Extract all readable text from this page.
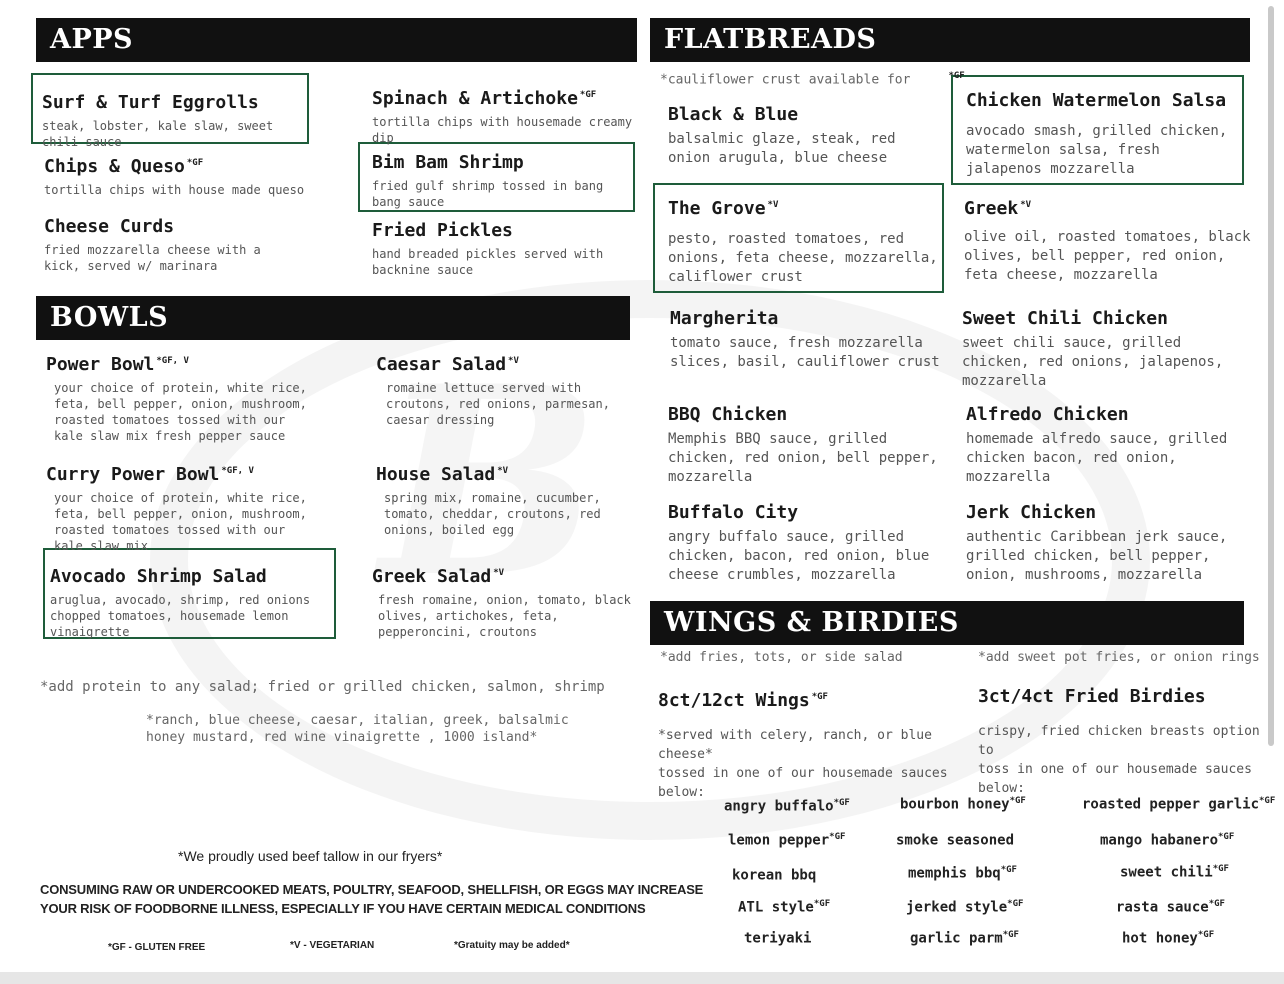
APPS
BOWLS
FLATBREADS
WINGS & BIRDIES
Surf & Turf Eggrolls
steak, lobster, kale slaw, sweet chili sauce
Chips & Queso $^{*GF}$
tortilla chips with house made queso
Cheese Curds
fried mozzarella cheese with a kick, served w/ marinara
Spinach & Artichoke $^{*GF}$
tortilla chips with housemade creamy dip
Bim Bam Shrimp
fried gulf shrimp tossed in bang bang sauce
Fried Pickles
hand breaded pickles served with backnine sauce
Power Bowl $^{*GF, V}$
your choice of protein, white rice, feta, bell pepper, onion, mushroom, roasted tomatoes tossed with our kale slaw mix fresh pepper sauce
Curry Power Bowl $^{*GF, V}$
your choice of protein, white rice, feta, bell pepper, onion, mushroom, roasted tomatoes tossed with our kale slaw mix
Avocado Shrimp Salad
aruglua, avocado, shrimp, red onions chopped tomatoes, housemade lemon vinaigrette
Caesar Salad $^{*V}$
romaine lettuce served with croutons, red onions, parmesan, caesar dressing
House Salad $^{*V}$
spring mix, romaine, cucumber, tomato, cheddar, croutons, red onions, boiled egg
Greek Salad $^{*V}$
fresh romaine, onion, tomato, black olives, artichokes, feta, pepperoncini, croutons
*add protein to any salad; fried or grilled chicken, salmon, shrimp
*ranch, blue cheese, caesar, italian, greek, balsalmic
honey mustard, red wine vinaigrette , 1000 island*
*cauliflower crust available for	$^{*GF}$
Black & Blue
balsalmic glaze, steak, red onion arugula, blue cheese
The Grove $^{*V}$
pesto, roasted tomatoes, red onions, feta cheese, mozzarella, califlower crust
Margherita
tomato sauce, fresh mozzarella slices, basil, cauliflower crust
BBQ Chicken
Memphis BBQ sauce, grilled chicken, red onion, bell pepper, mozzarella
Buffalo City
angry buffalo sauce, grilled chicken, bacon, red onion, blue cheese crumbles, mozzarella
Chicken Watermelon Salsa
avocado smash, grilled chicken, watermelon salsa, fresh jalapenos mozzarella
Greek $^{*V}$
olive oil, roasted tomatoes, black olives, bell pepper, red onion, feta cheese, mozzarella
Sweet Chili Chicken
sweet chili sauce, grilled chicken, red onions, jalapenos, mozzarella
Alfredo Chicken
homemade alfredo sauce, grilled chicken bacon, red onion, mozzarella
Jerk Chicken
authentic Caribbean jerk sauce, grilled chicken, bell pepper, onion, mushrooms, mozzarella
*add fries, tots, or side salad	*add sweet pot fries, or onion rings
8ct/12ct Wings $^{*GF}$
*served with celery, ranch, or blue cheese*
tossed in one of our housemade sauces below:
3ct/4ct Fried Birdies
crispy, fried chicken breasts option to
toss in one of our housemade sauces below:
angry buffalo$^{*GF}$
lemon pepper$^{*GF}$
korean bbq
ATL style$^{*GF}$
teriyaki
bourbon honey$^{*GF}$
smoke seasoned
memphis bbq$^{*GF}$
jerked style$^{*GF}$
garlic parm$^{*GF}$
roasted pepper garlic$^{*GF}$
mango habanero$^{*GF}$
sweet chili$^{*GF}$
rasta sauce$^{*GF}$
hot honey$^{*GF}$
*We proudly used beef tallow in our fryers*
CONSUMING RAW OR UNDERCOOKED MEATS, POULTRY, SEAFOOD, SHELLFISH, OR EGGS MAY INCREASE
YOUR RISK OF FOODBORNE ILLNESS, ESPECIALLY IF YOU HAVE CERTAIN MEDICAL CONDITIONS
*GF - GLUTEN FREE	*V - VEGETARIAN	*Gratuity may be added*
